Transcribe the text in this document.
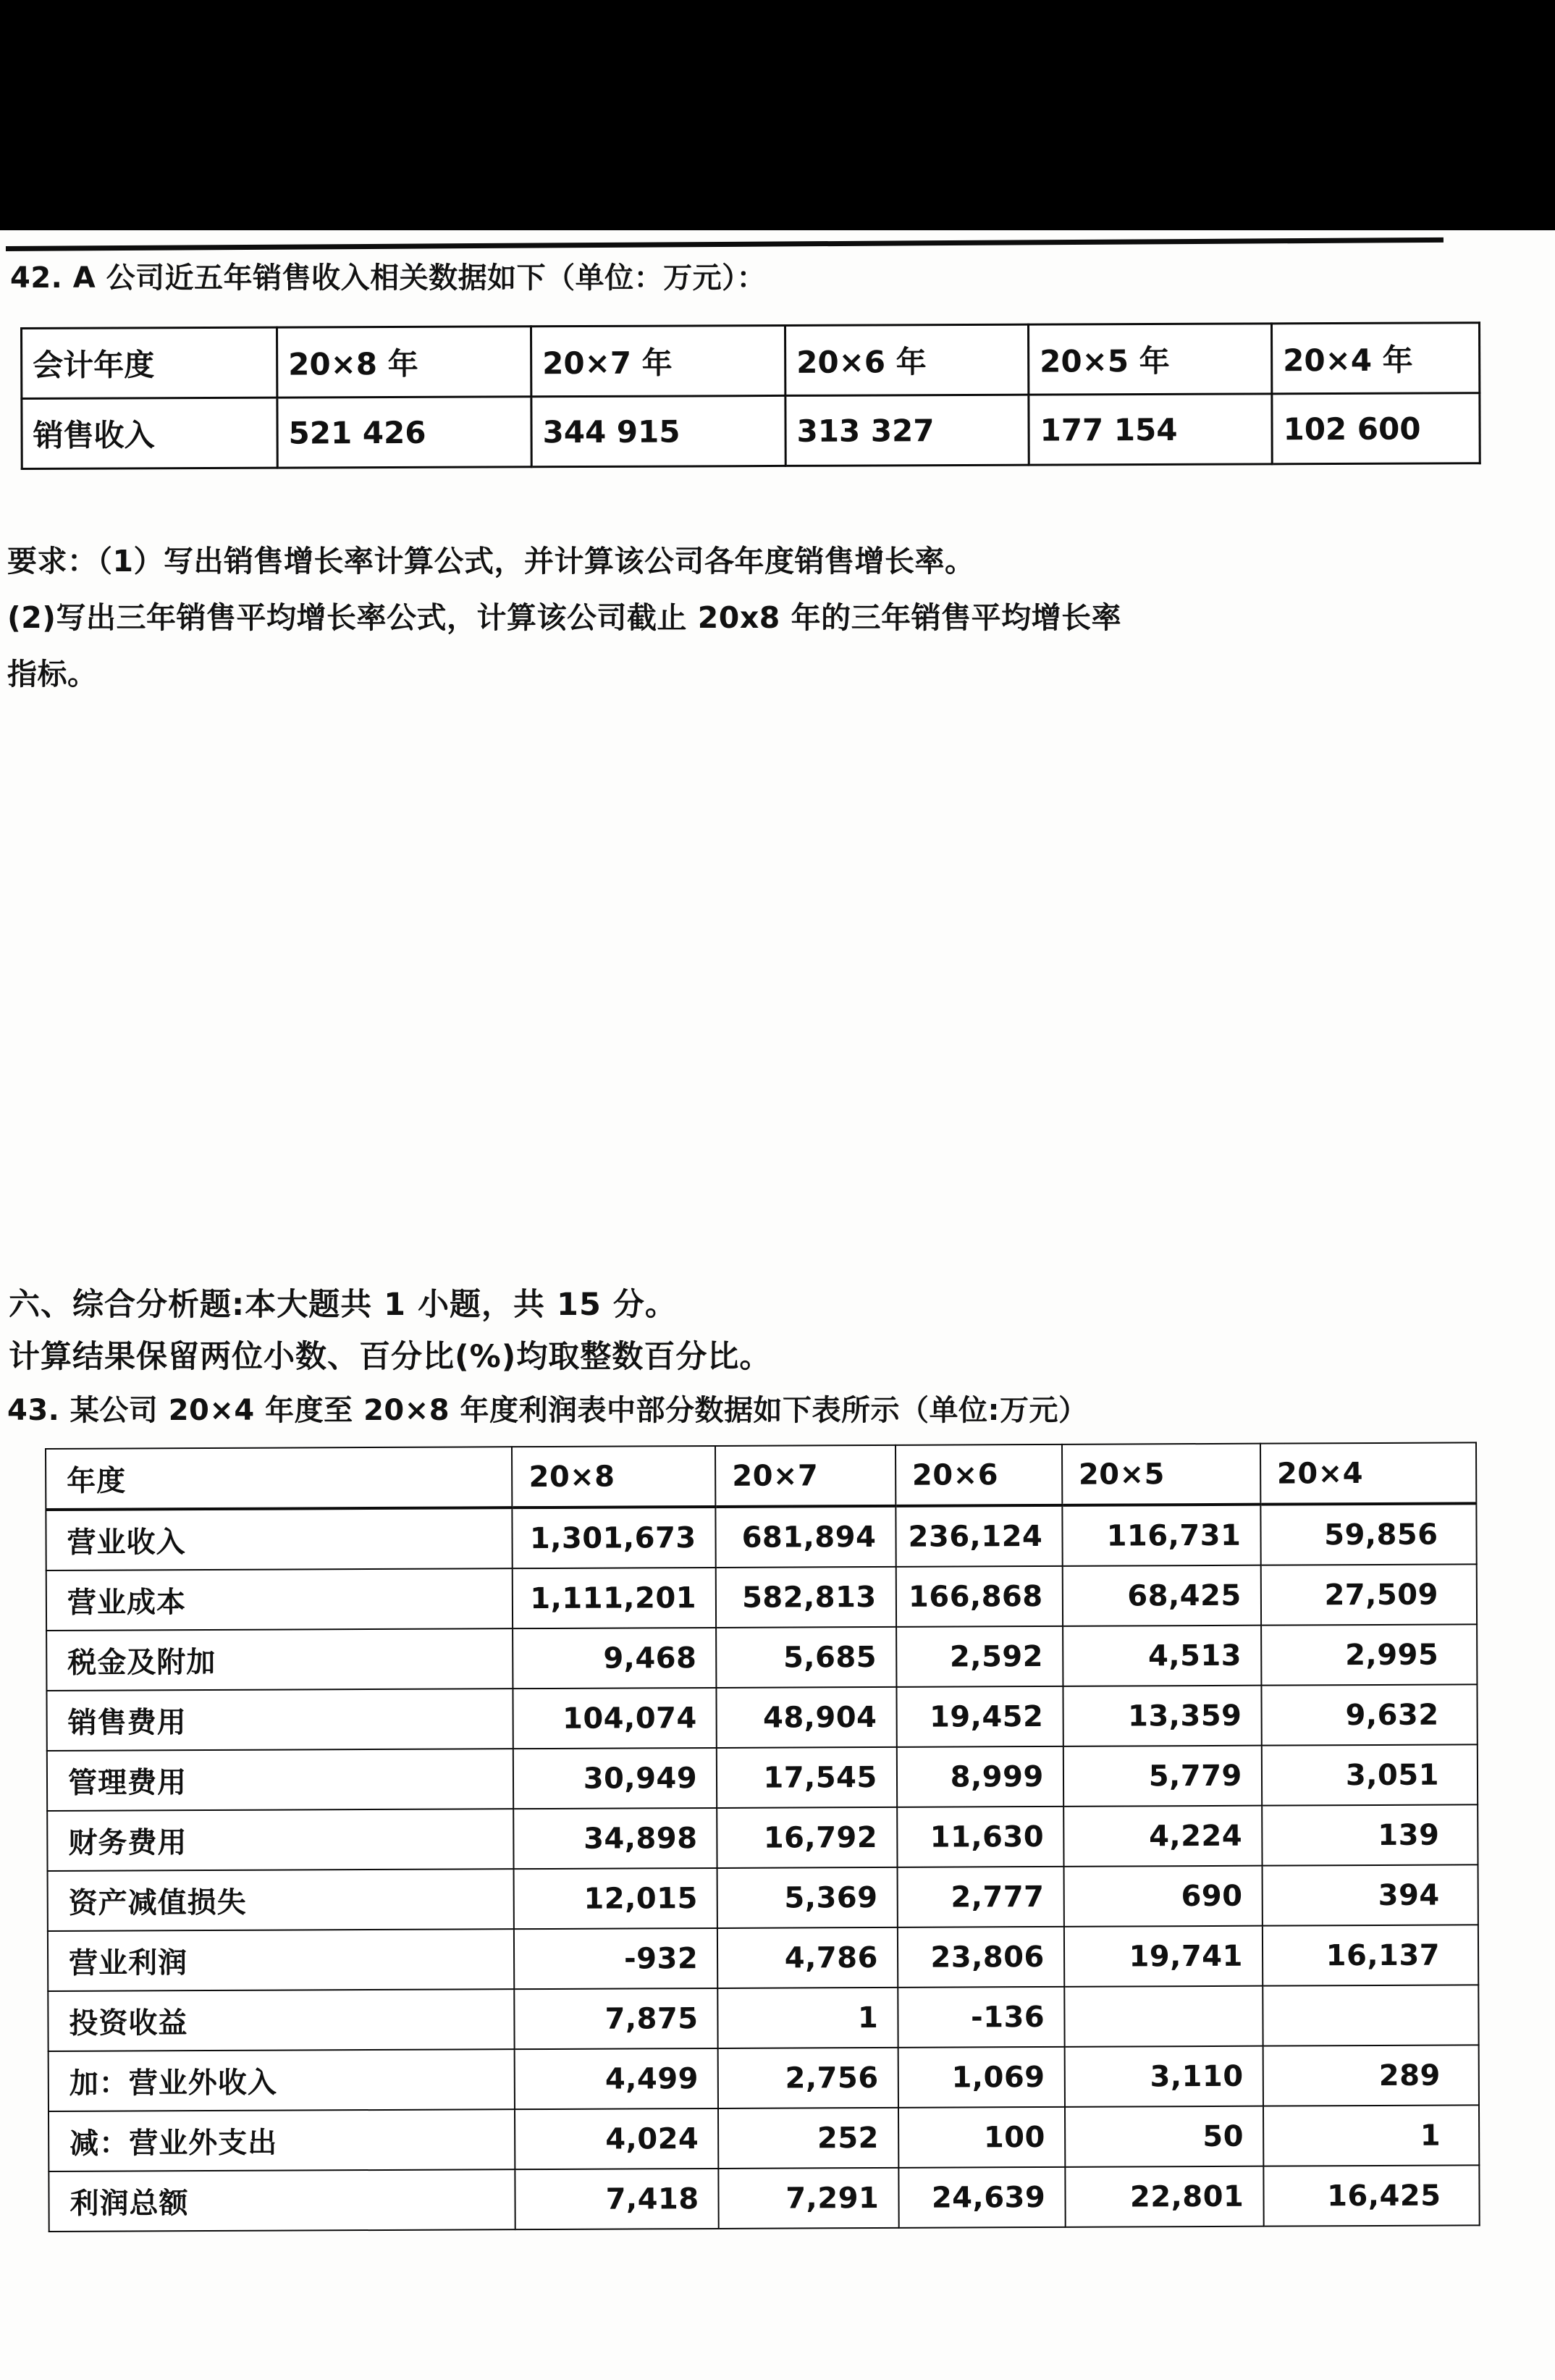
42. A 公司近五年销售收入相关数据如下（单位：万元）：
会计年度	20×8 年	20×7 年	20×6 年	20×5 年	20×4 年
销售收入	521 426	344 915	313 327	177 154	102 600
要求：（1）写出销售增长率计算公式，并计算该公司各年度销售增长率。
(2)写出三年销售平均增长率公式，计算该公司截止 20x8 年的三年销售平均增长率
指标。
六、综合分析题:本大题共 1 小题，共 15 分。
计算结果保留两位小数、百分比(%)均取整数百分比。
43. 某公司 20×4 年度至 20×8 年度利润表中部分数据如下表所示（单位:万元）
年度	20×8	20×7	20×6	20×5	20×4
营业收入	1,301,673	681,894	236,124	116,731	59,856
营业成本	1,111,201	582,813	166,868	68,425	27,509
税金及附加	9,468	5,685	2,592	4,513	2,995
销售费用	104,074	48,904	19,452	13,359	9,632
管理费用	30,949	17,545	8,999	5,779	3,051
财务费用	34,898	16,792	11,630	4,224	139
资产减值损失	12,015	5,369	2,777	690	394
营业利润	-932	4,786	23,806	19,741	16,137
投资收益	7,875	1	-136		
加：营业外收入	4,499	2,756	1,069	3,110	289
减：营业外支出	4,024	252	100	50	1
利润总额	7,418	7,291	24,639	22,801	16,425
